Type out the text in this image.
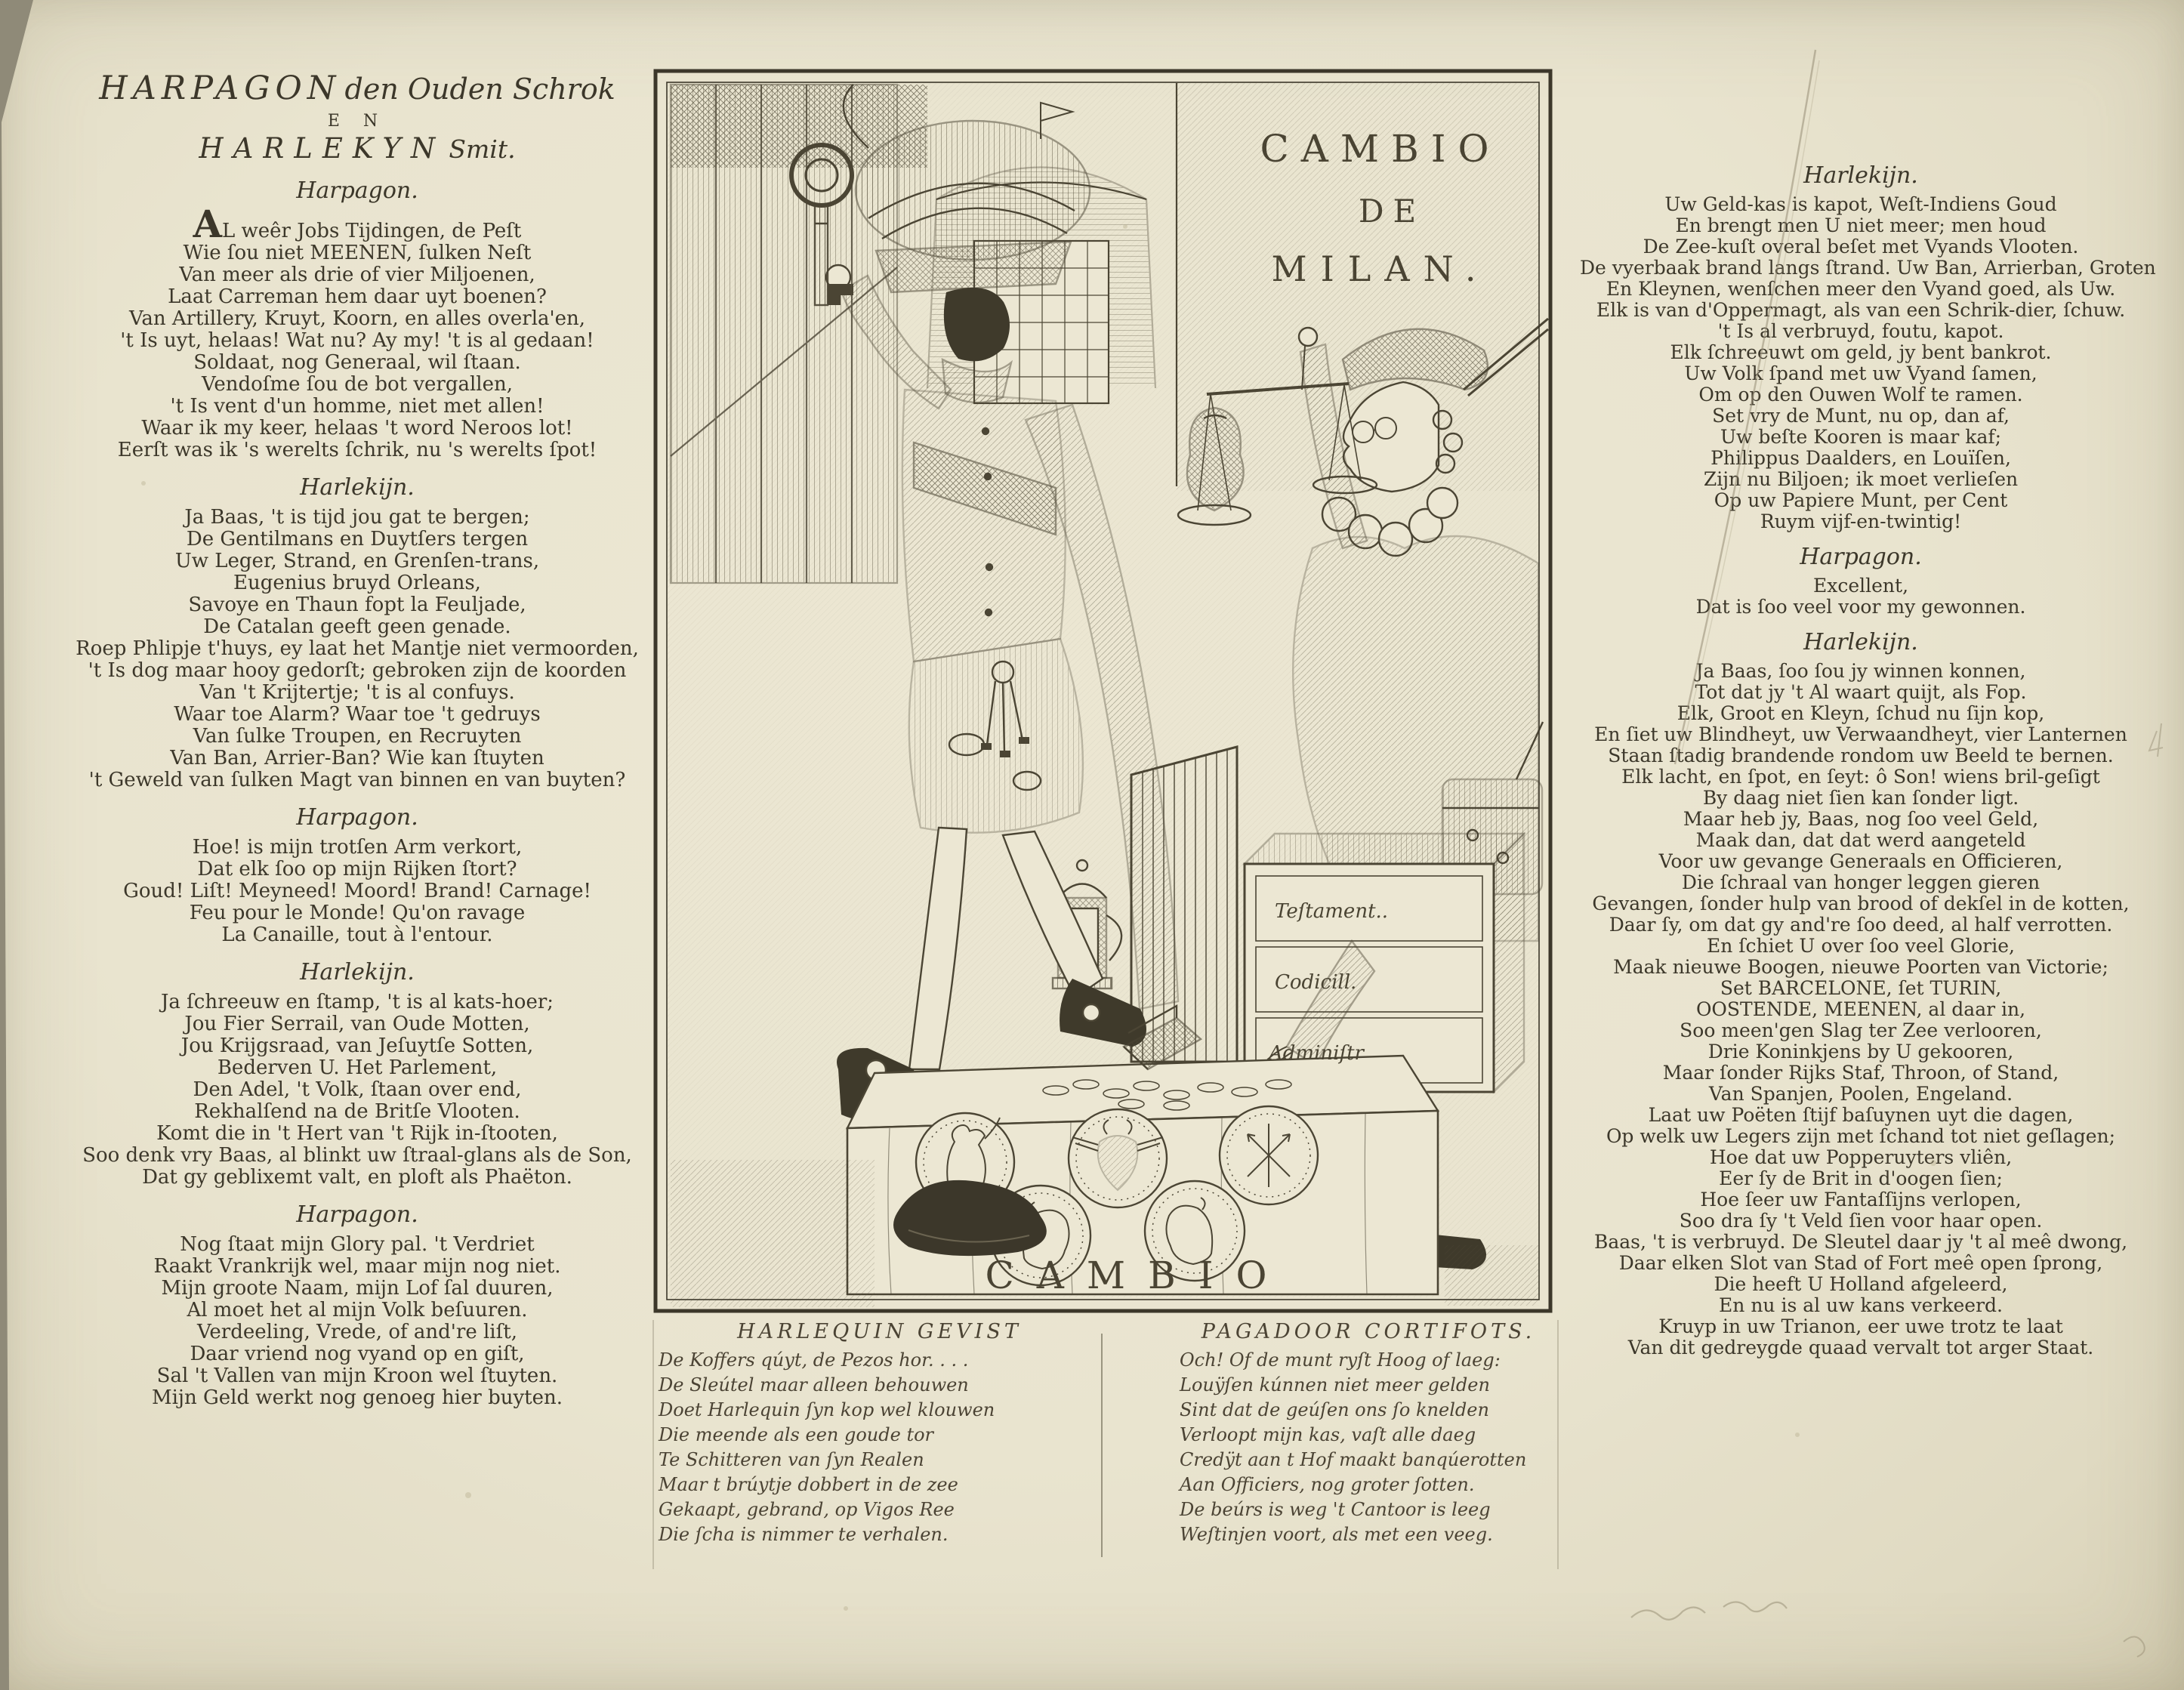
HARPAGON den Ouden Schrok
E N
HARLEKYN Smit.
Harpagon.
AL weêr Jobs Tijdingen, de Peſt
Wie ſou niet MEENEN, ſulken Neſt
Van meer als drie of vier Miljoenen,
Laat Carreman hem daar uyt boenen?
Van Artillery, Kruyt, Koorn, en alles overla'en,
't Is uyt, helaas! Wat nu? Ay my! 't is al gedaan!
Soldaat, nog Generaal, wil ſtaan.
Vendoſme ſou de bot vergallen,
't Is vent d'un homme, niet met allen!
Waar ik my keer, helaas 't word Neroos lot!
Eerſt was ik 's werelts ſchrik, nu 's werelts ſpot!
Harlekijn.
Ja Baas, 't is tijd jou gat te bergen;
De Gentilmans en Duytſers tergen
Uw Leger, Strand, en Grenſen-trans,
Eugenius bruyd Orleans,
Savoye en Thaun fopt la Feuljade,
De Catalan geeft geen genade.
Roep Phlipje t'huys, ey laat het Mantje niet vermoorden,
't Is dog maar hooy gedorſt; gebroken zijn de koorden
Van 't Krijtertje; 't is al confuys.
Waar toe Alarm? Waar toe 't gedruys
Van ſulke Troupen, en Recruyten
Van Ban, Arrier-Ban? Wie kan ſtuyten
't Geweld van ſulken Magt van binnen en van buyten?
Harpagon.
Hoe! is mijn trotſen Arm verkort,
Dat elk ſoo op mijn Rijken ſtort?
Goud! Liſt! Meyneed! Moord! Brand! Carnage!
Feu pour le Monde! Qu'on ravage
La Canaille, tout à l'entour.
Harlekijn.
Ja ſchreeuw en ſtamp, 't is al kats-hoer;
Jou Fier Serrail, van Oude Motten,
Jou Krijgsraad, van Jeſuytſe Sotten,
Bederven U. Het Parlement,
Den Adel, 't Volk, ſtaan over end,
Rekhalſend na de Britſe Vlooten.
Komt die in 't Hert van 't Rijk in-ſtooten,
Soo denk vry Baas, al blinkt uw ſtraal-glans als de Son,
Dat gy geblixemt valt, en ploft als Phaëton.
Harpagon.
Nog ſtaat mijn Glory pal. 't Verdriet
Raakt Vrankrijk wel, maar mijn nog niet.
Mijn groote Naam, mijn Lof ſal duuren,
Al moet het al mijn Volk beſuuren.
Verdeeling, Vrede, of and're liſt,
Daar vriend nog vyand op en giſt,
Sal 't Vallen van mijn Kroon wel ſtuyten.
Mijn Geld werkt nog genoeg hier buyten.
Harlekijn.
Uw Geld-kas is kapot, Weſt-Indiens Goud
En brengt men U niet meer; men houd
De Zee-kuſt overal beſet met Vyands Vlooten.
De vyerbaak brand langs ſtrand. Uw Ban, Arrierban, Groten
En Kleynen, wenſchen meer den Vyand goed, als Uw.
Elk is van d'Oppermagt, als van een Schrik-dier, ſchuw.
't Is al verbruyd, foutu, kapot.
Elk ſchreeuwt om geld, jy bent bankrot.
Uw Volk ſpand met uw Vyand ſamen,
Om op den Ouwen Wolf te ramen.
Set vry de Munt, nu op, dan af,
Uw beſte Kooren is maar kaf;
Philippus Daalders, en Louïſen,
Zijn nu Biljoen; ik moet verlieſen
Op uw Papiere Munt, per Cent
Ruym vijf-en-twintig!
Harpagon.
Excellent,
Dat is ſoo veel voor my gewonnen.
Harlekijn.
Ja Baas, ſoo ſou jy winnen konnen,
Tot dat jy 't Al waart quijt, als Fop.
Elk, Groot en Kleyn, ſchud nu ſijn kop,
En ſiet uw Blindheyt, uw Verwaandheyt, vier Lanternen
Staan ſtadig brandende rondom uw Beeld te bernen.
Elk lacht, en ſpot, en ſeyt: ô Son! wiens bril-geſigt
By daag niet ſien kan ſonder ligt.
Maar heb jy, Baas, nog ſoo veel Geld,
Maak dan, dat dat werd aangeteld
Voor uw gevange Generaals en Officieren,
Die ſchraal van honger leggen gieren
Gevangen, ſonder hulp van brood of dekſel in de kotten,
Daar ſy, om dat gy and're ſoo deed, al half verrotten.
En ſchiet U over ſoo veel Glorie,
Maak nieuwe Boogen, nieuwe Poorten van Victorie;
Set BARCELONE, ſet TURIN,
OOSTENDE, MEENEN, al daar in,
Soo meen'gen Slag ter Zee verlooren,
Drie Koninkjens by U gekooren,
Maar ſonder Rijks Staf, Throon, of Stand,
Van Spanjen, Poolen, Engeland.
Laat uw Poëten ſtijf baſuynen uyt die dagen,
Op welk uw Legers zijn met ſchand tot niet geſlagen;
Hoe dat uw Popperuyters vliên,
Eer ſy de Brit in d'oogen ſien;
Hoe ſeer uw Fantaſſijns verlopen,
Soo dra ſy 't Veld ſien voor haar open.
Baas, 't is verbruyd. De Sleutel daar jy 't al meê dwong,
Daar elken Slot van Stad of Fort meê open ſprong,
Die heeft U Holland afgeleerd,
En nu is al uw kans verkeerd.
Kruyp in uw Trianon, eer uwe trotz te laat
Van dit gedreygde quaad vervalt tot arger Staat.
CAMBIO
DE
MILAN.
Teſtament..
Codicill.
Adminiſtr
CAMBIO
HARLEQUIN GEVIST
De Koffers qúyt, de Pezos hor. . . .
De Sleútel maar alleen behouwen
Doet Harlequin ſyn kop wel klouwen
Die meende als een goude tor
Te Schitteren van ſyn Realen
Maar t brúytje dobbert in de zee
Gekaapt, gebrand, op Vigos Ree
Die ſcha is nimmer te verhalen.
PAGADOOR CORTIFOTS.
Och! Of de munt ryſt Hoog of laeg:
Louÿſen kúnnen niet meer gelden
Sint dat de geúſen ons ſo knelden
Verloopt mijn kas, vaſt alle daeg
Credÿt aan t Hof maakt banqúerotten
Aan Officiers, nog groter ſotten.
De beúrs is weg 't Cantoor is leeg
Weſtinjen voort, als met een veeg.
